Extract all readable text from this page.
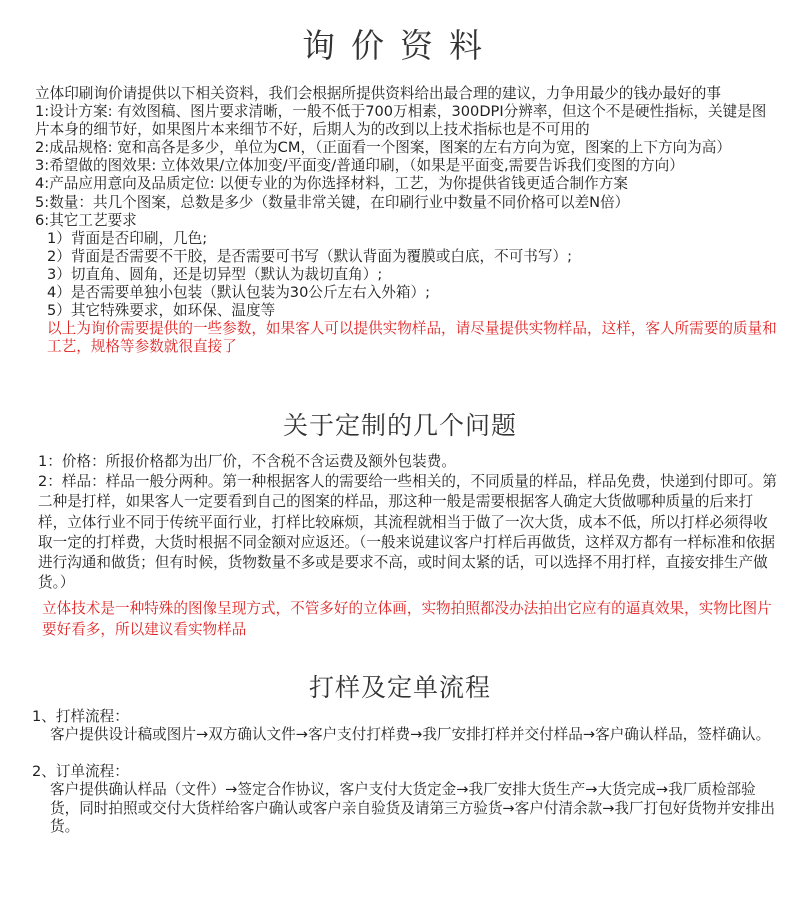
询价资料

立体印刷询价请提供以下相关资料，我们会根据所提供资料给出最合理的建议，力争用最少的钱办最好的事

1:设计方案: 有效图稿、图片要求清晰，一般不低于700万相素，300DPI分辨率，但这个不是硬性指标，关键是图片本身的细节好，如果图片本来细节不好，后期人为的改到以上技术指标也是不可用的

2:成品规格: 宽和高各是多少，单位为CM，（正面看一个图案，图案的左右方向为宽，图案的上下方向为高）

3:希望做的图效果: 立体效果/立体加变/平面变/普通印刷，（如果是平面变,需要告诉我们变图的方向）

4:产品应用意向及品质定位: 以便专业的为你选择材料，工艺，为你提供省钱更适合制作方案

5:数量：共几个图案，总数是多少（数量非常关键，在印刷行业中数量不同价格可以差N倍）

6:其它工艺要求

1）背面是否印刷，几色;

2）背面是否需要不干胶，是否需要可书写（默认背面为覆膜或白底，不可书写）;

3）切直角、圆角，还是切异型（默认为裁切直角）;

4）是否需要单独小包装（默认包装为30公斤左右入外箱）;

5）其它特殊要求，如环保、温度等

以上为询价需要提供的一些参数，如果客人可以提供实物样品，请尽量提供实物样品，这样，客人所需要的质量和工艺，规格等参数就很直接了

关于定制的几个问题

1：价格：所报价格都为出厂价，不含税不含运费及额外包装费。

2：样品：样品一般分两种。第一种根据客人的需要给一些相关的，不同质量的样品，样品免费，快递到付即可。第二种是打样，如果客人一定要看到自己的图案的样品，那这种一般是需要根据客人确定大货做哪种质量的后来打样，立体行业不同于传统平面行业，打样比较麻烦，其流程就相当于做了一次大货，成本不低，所以打样必须得收取一定的打样费，大货时根据不同金额对应返还。（一般来说建议客户打样后再做货，这样双方都有一样标准和依据进行沟通和做货；但有时候，货物数量不多或是要求不高，或时间太紧的话，可以选择不用打样，直接安排生产做货。）

立体技术是一种特殊的图像呈现方式，不管多好的立体画，实物拍照都没办法拍出它应有的逼真效果，实物比图片要好看多，所以建议看实物样品

打样及定单流程

1、打样流程：

客户提供设计稿或图片→双方确认文件→客户支付打样费→我厂安排打样并交付样品→客户确认样品，签样确认。

2、订单流程：

客户提供确认样品（文件）→签定合作协议，客户支付大货定金→我厂安排大货生产→大货完成→我厂质检部验货，同时拍照或交付大货样给客户确认或客户亲自验货及请第三方验货→客户付清余款→我厂打包好货物并安排出货。
